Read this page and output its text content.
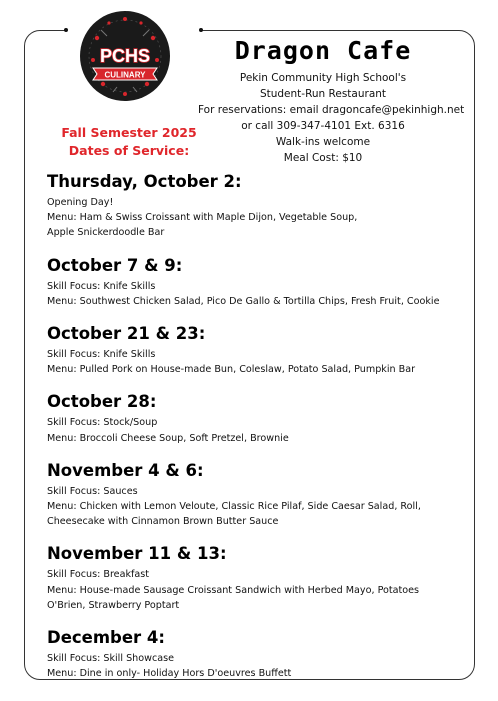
PCHS
CULINARY
Dragon Cafe
Pekin Community High School's
Student-Run Restaurant
For reservations: email dragoncafe@pekinhigh.net
or call 309-347-4101 Ext. 6316
Walk-ins welcome
Meal Cost: $10
Fall Semester 2025
Dates of Service:
Thursday, October 2:
Opening Day!
Menu: Ham & Swiss Croissant with Maple Dijon, Vegetable Soup,
Apple Snickerdoodle Bar
October 7 & 9:
Skill Focus: Knife Skills
Menu: Southwest Chicken Salad, Pico De Gallo & Tortilla Chips, Fresh Fruit, Cookie
October 21 & 23:
Skill Focus: Knife Skills
Menu: Pulled Pork on House-made Bun, Coleslaw, Potato Salad, Pumpkin Bar
October 28:
Skill Focus: Stock/Soup
Menu: Broccoli Cheese Soup, Soft Pretzel, Brownie
November 4 & 6:
Skill Focus: Sauces
Menu: Chicken with Lemon Veloute, Classic Rice Pilaf, Side Caesar Salad, Roll,
Cheesecake with Cinnamon Brown Butter Sauce
November 11 & 13:
Skill Focus: Breakfast
Menu: House-made Sausage Croissant Sandwich with Herbed Mayo, Potatoes
O'Brien, Strawberry Poptart
December 4:
Skill Focus: Skill Showcase
Menu: Dine in only- Holiday Hors D'oeuvres Buffett
